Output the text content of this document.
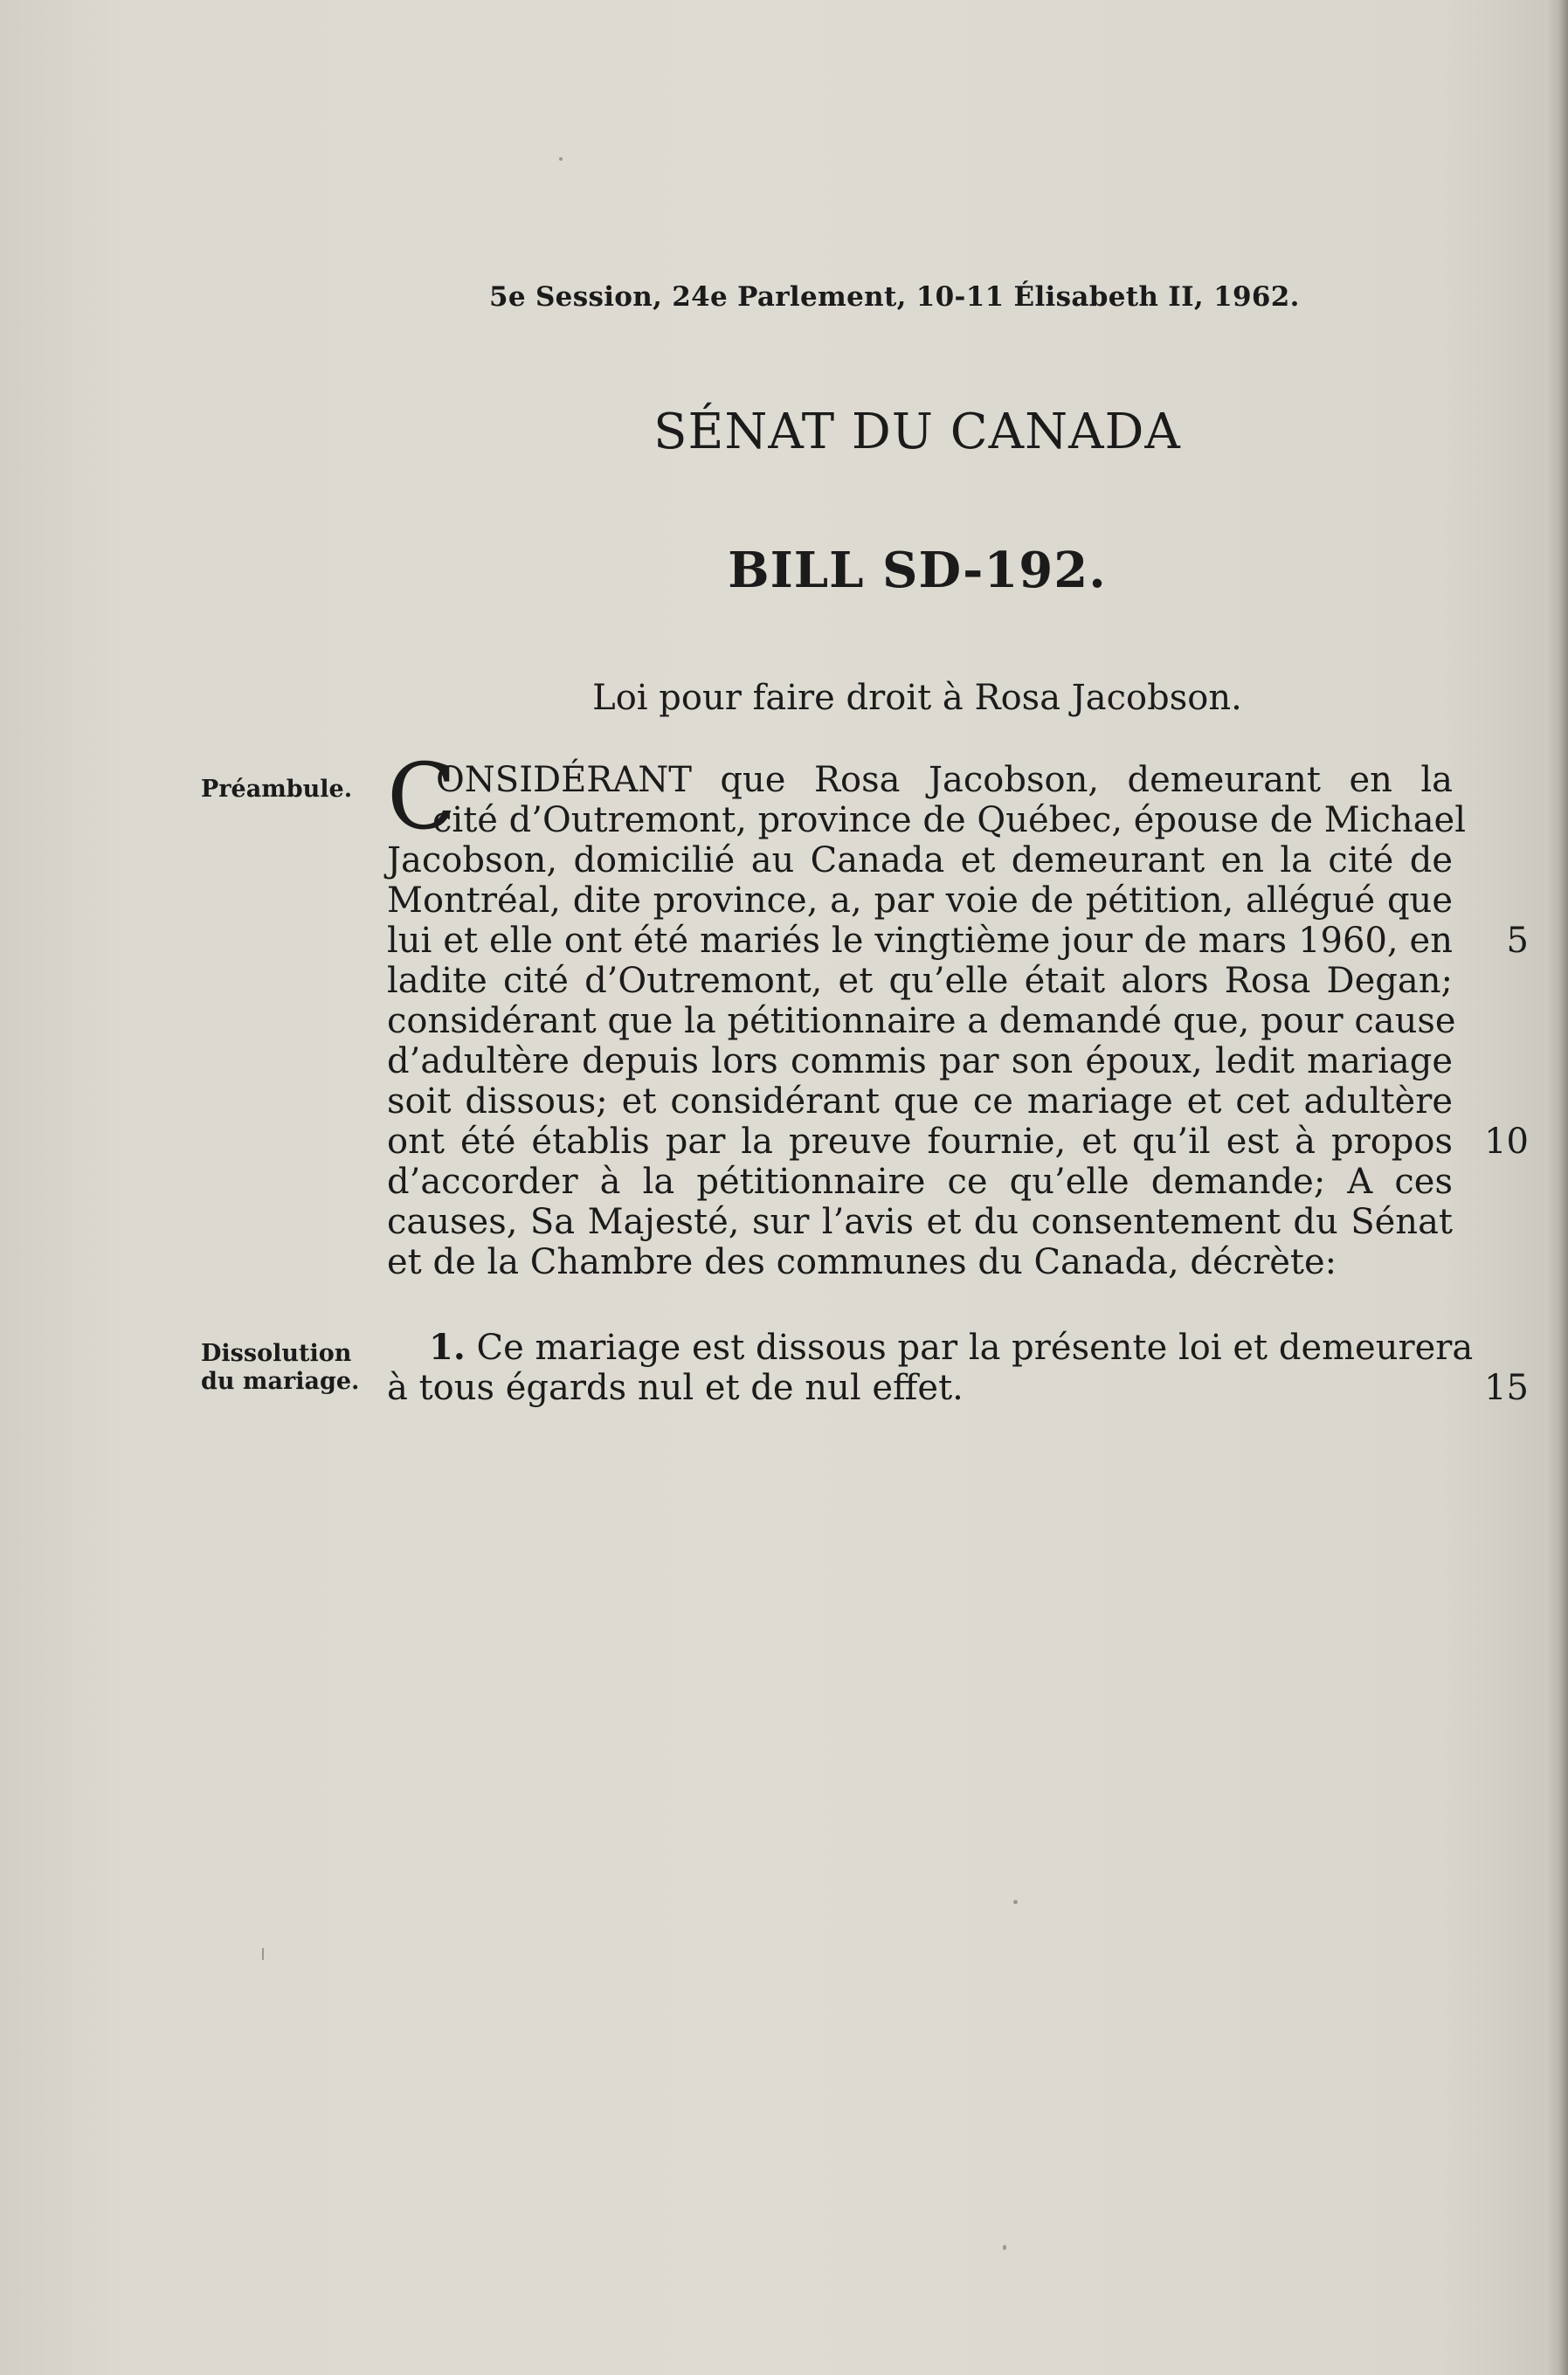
5e Session, 24e Parlement, 10-11 Élisabeth II, 1962.
SÉNAT DU CANADA
BILL SD-192.
Loi pour faire droit à Rosa Jacobson.
Préambule.
Dissolution
du mariage.
C
ONSIDÉRANT que Rosa Jacobson, demeurant en la
cité d’Outremont, province de Québec, épouse de Michael
Jacobson, domicilié au Canada et demeurant en la cité de
Montréal, dite province, a, par voie de pétition, allégué que
lui et elle ont été mariés le vingtième jour de mars 1960, en
ladite cité d’Outremont, et qu’elle était alors Rosa Degan;
considérant que la pétitionnaire a demandé que, pour cause
d’adultère depuis lors commis par son époux, ledit mariage
soit dissous; et considérant que ce mariage et cet adultère
ont été établis par la preuve fournie, et qu’il est à propos
d’accorder à la pétitionnaire ce qu’elle demande; A ces
causes, Sa Majesté, sur l’avis et du consentement du Sénat
et de la Chambre des communes du Canada, décrète:
1. Ce mariage est dissous par la présente loi et demeurera
à tous égards nul et de nul effet.
5
10
15
